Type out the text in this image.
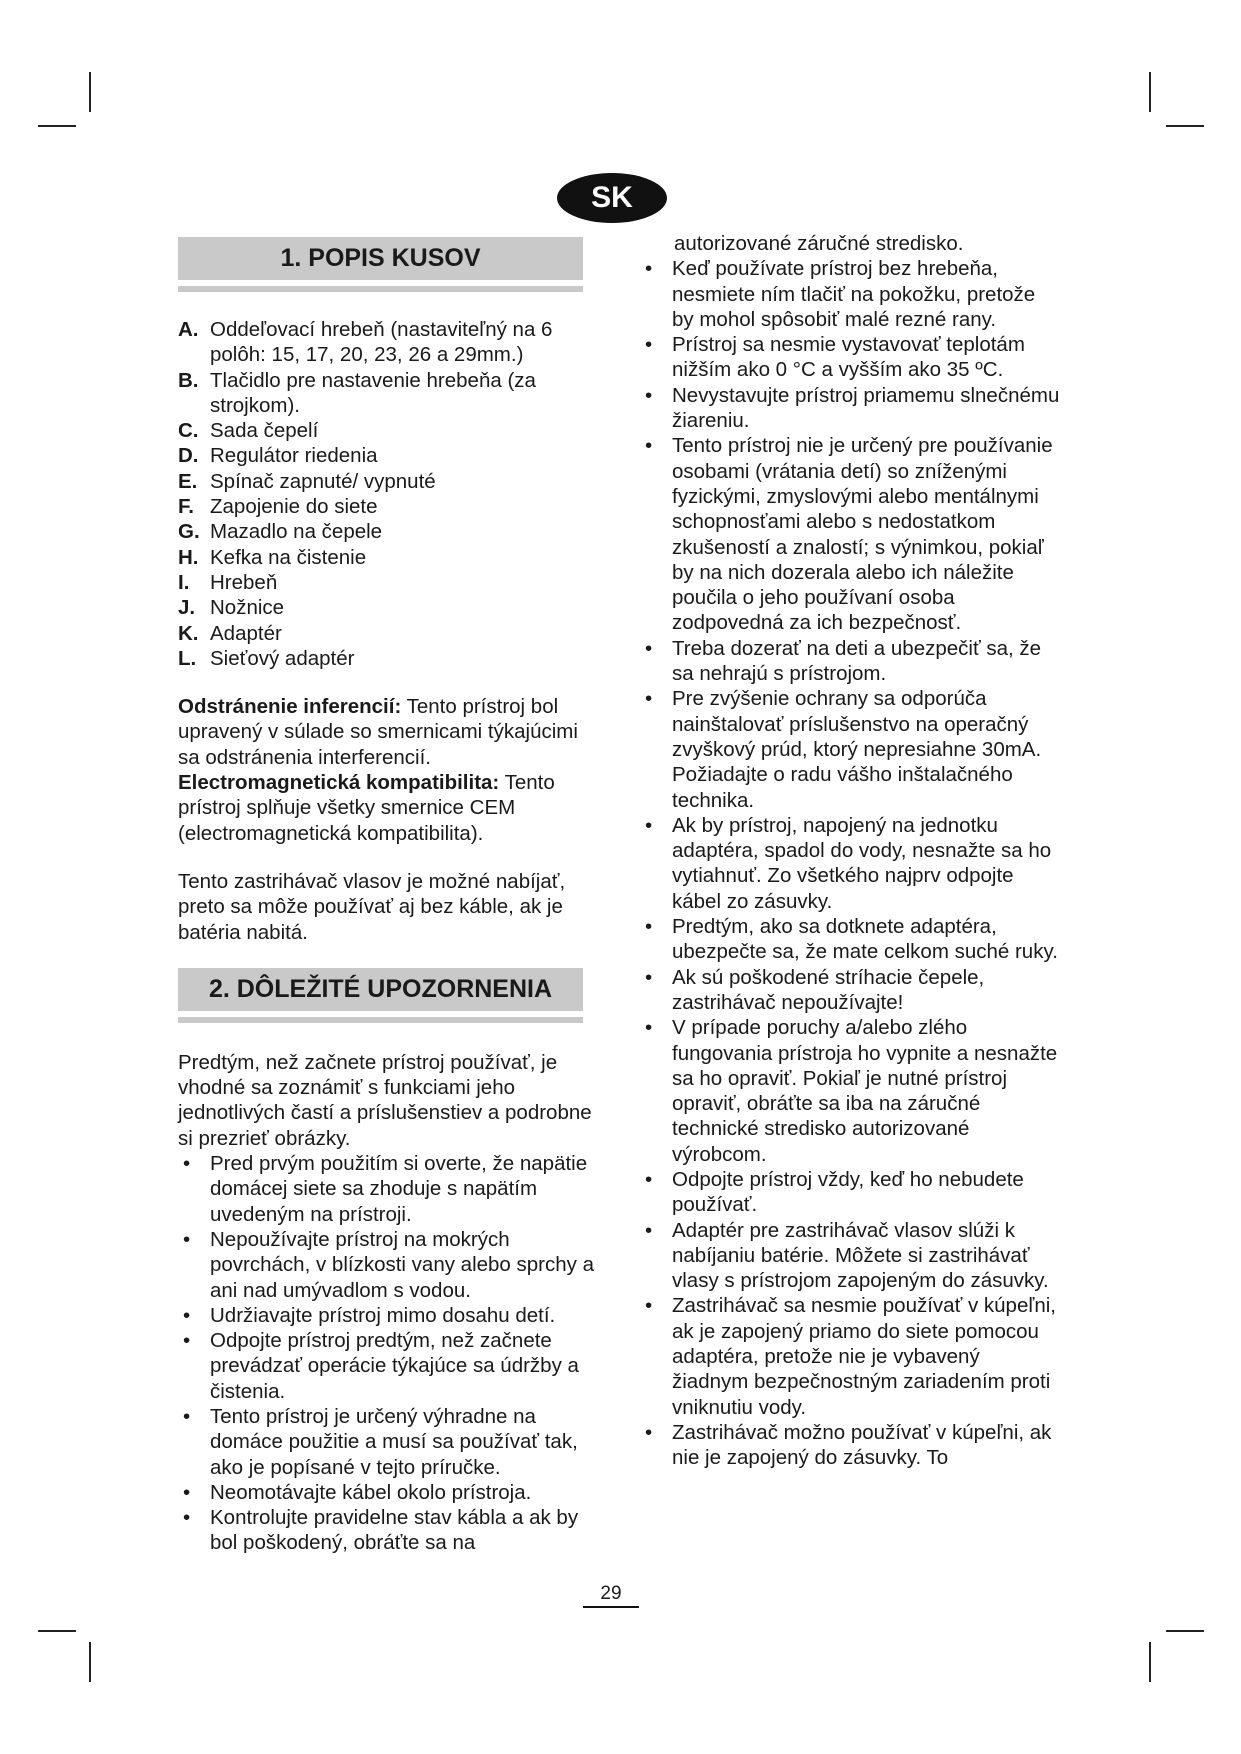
SK
1. POPIS KUSOV
A. Oddeľovací hrebeň (nastaviteľný na 6 polôh: 15, 17, 20, 23, 26 a 29mm.)
B. Tlačidlo pre nastavenie hrebeňa (za strojkom).
C. Sada čepelí
D. Regulátor riedenia
E. Spínač zapnuté/ vypnuté
F. Zapojenie do siete
G. Mazadlo na čepele
H. Kefka na čistenie
I. Hrebeň
J. Nožnice
K. Adaptér
L. Sieťový adaptér

Odstránenie inferencií: Tento prístroj bol upravený v súlade so smernicami týkajúcimi sa odstránenia interferencií.

Electromagnetická kompatibilita: Tento prístroj splňuje všetky smernice CEM (electromagnetická kompatibilita).

Tento zastrihávač vlasov je možné nabíjať, preto sa môže používať aj bez káble, ak je batéria nabitá.

2. DÔLEŽITÉ UPOZORNENIA

Predtým, než začnete prístroj používať, je vhodné sa zoznámiť s funkciami jeho jednotlivých častí a príslušenstiev a podrobne si prezrieť obrázky.

• Pred prvým použitím si overte, že napätie domácej siete sa zhoduje s napätím uvedeným na prístroji.
• Nepoužívajte prístroj na mokrých povrchách, v blízkosti vany alebo sprchy a ani nad umývadlom s vodou.
• Udržiavajte prístroj mimo dosahu detí.
• Odpojte prístroj predtým, než začnete prevádzať operácie týkajúce sa údržby a čistenia.
• Tento prístroj je určený výhradne na domáce použitie a musí sa používať tak, ako je popísané v tejto príručke.
• Neomotávajte kábel okolo prístroja.
• Kontrolujte pravidelne stav kábla a ak by bol poškodený, obráťte sa na

autorizované záručné stredisko.

• Keď používate prístroj bez hrebeňa, nesmiete ním tlačiť na pokožku, pretože by mohol spôsobiť malé rezné rany.
• Prístroj sa nesmie vystavovať teplotám nižším ako 0 °C a vyšším ako 35 ºC.
• Nevystavujte prístroj priamemu slnečnému žiareniu.
• Tento prístroj nie je určený pre používanie osobami (vrátania detí) so zníženými fyzickými, zmyslovými alebo mentálnymi schopnosťami alebo s nedostatkom zkušeností a znalostí; s výnimkou, pokiaľ by na nich dozerala alebo ich náležite poučila o jeho používaní osoba zodpovedná za ich bezpečnosť.
• Treba dozerať na deti a ubezpečiť sa, že sa nehrajú s prístrojom.
• Pre zvýšenie ochrany sa odporúča nainštalovať príslušenstvo na operačný zvyškový prúd, ktorý nepresiahne 30mA. Požiadajte o radu vášho inštalačného technika.
• Ak by prístroj, napojený na jednotku adaptéra, spadol do vody, nesnažte sa ho vytiahnuť. Zo všetkého najprv odpojte kábel zo zásuvky.
• Predtým, ako sa dotknete adaptéra, ubezpečte sa, že mate celkom suché ruky.
• Ak sú poškodené stríhacie čepele, zastrihávač nepoužívajte!
• V prípade poruchy a/alebo zlého fungovania prístroja ho vypnite a nesnažte sa ho opraviť. Pokiaľ je nutné prístroj opraviť, obráťte sa iba na záručné technické stredisko autorizované výrobcom.
• Odpojte prístroj vždy, keď ho nebudete používať.
• Adaptér pre zastrihávač vlasov slúži k nabíjaniu batérie. Môžete si zastrihávať vlasy s prístrojom zapojeným do zásuvky.
• Zastrihávač sa nesmie používať v kúpeľni, ak je zapojený priamo do siete pomocou adaptéra, pretože nie je vybavený žiadnym bezpečnostným zariadením proti vniknutiu vody.
• Zastrihávač možno používať v kúpeľni, ak nie je zapojený do zásuvky. To
29
